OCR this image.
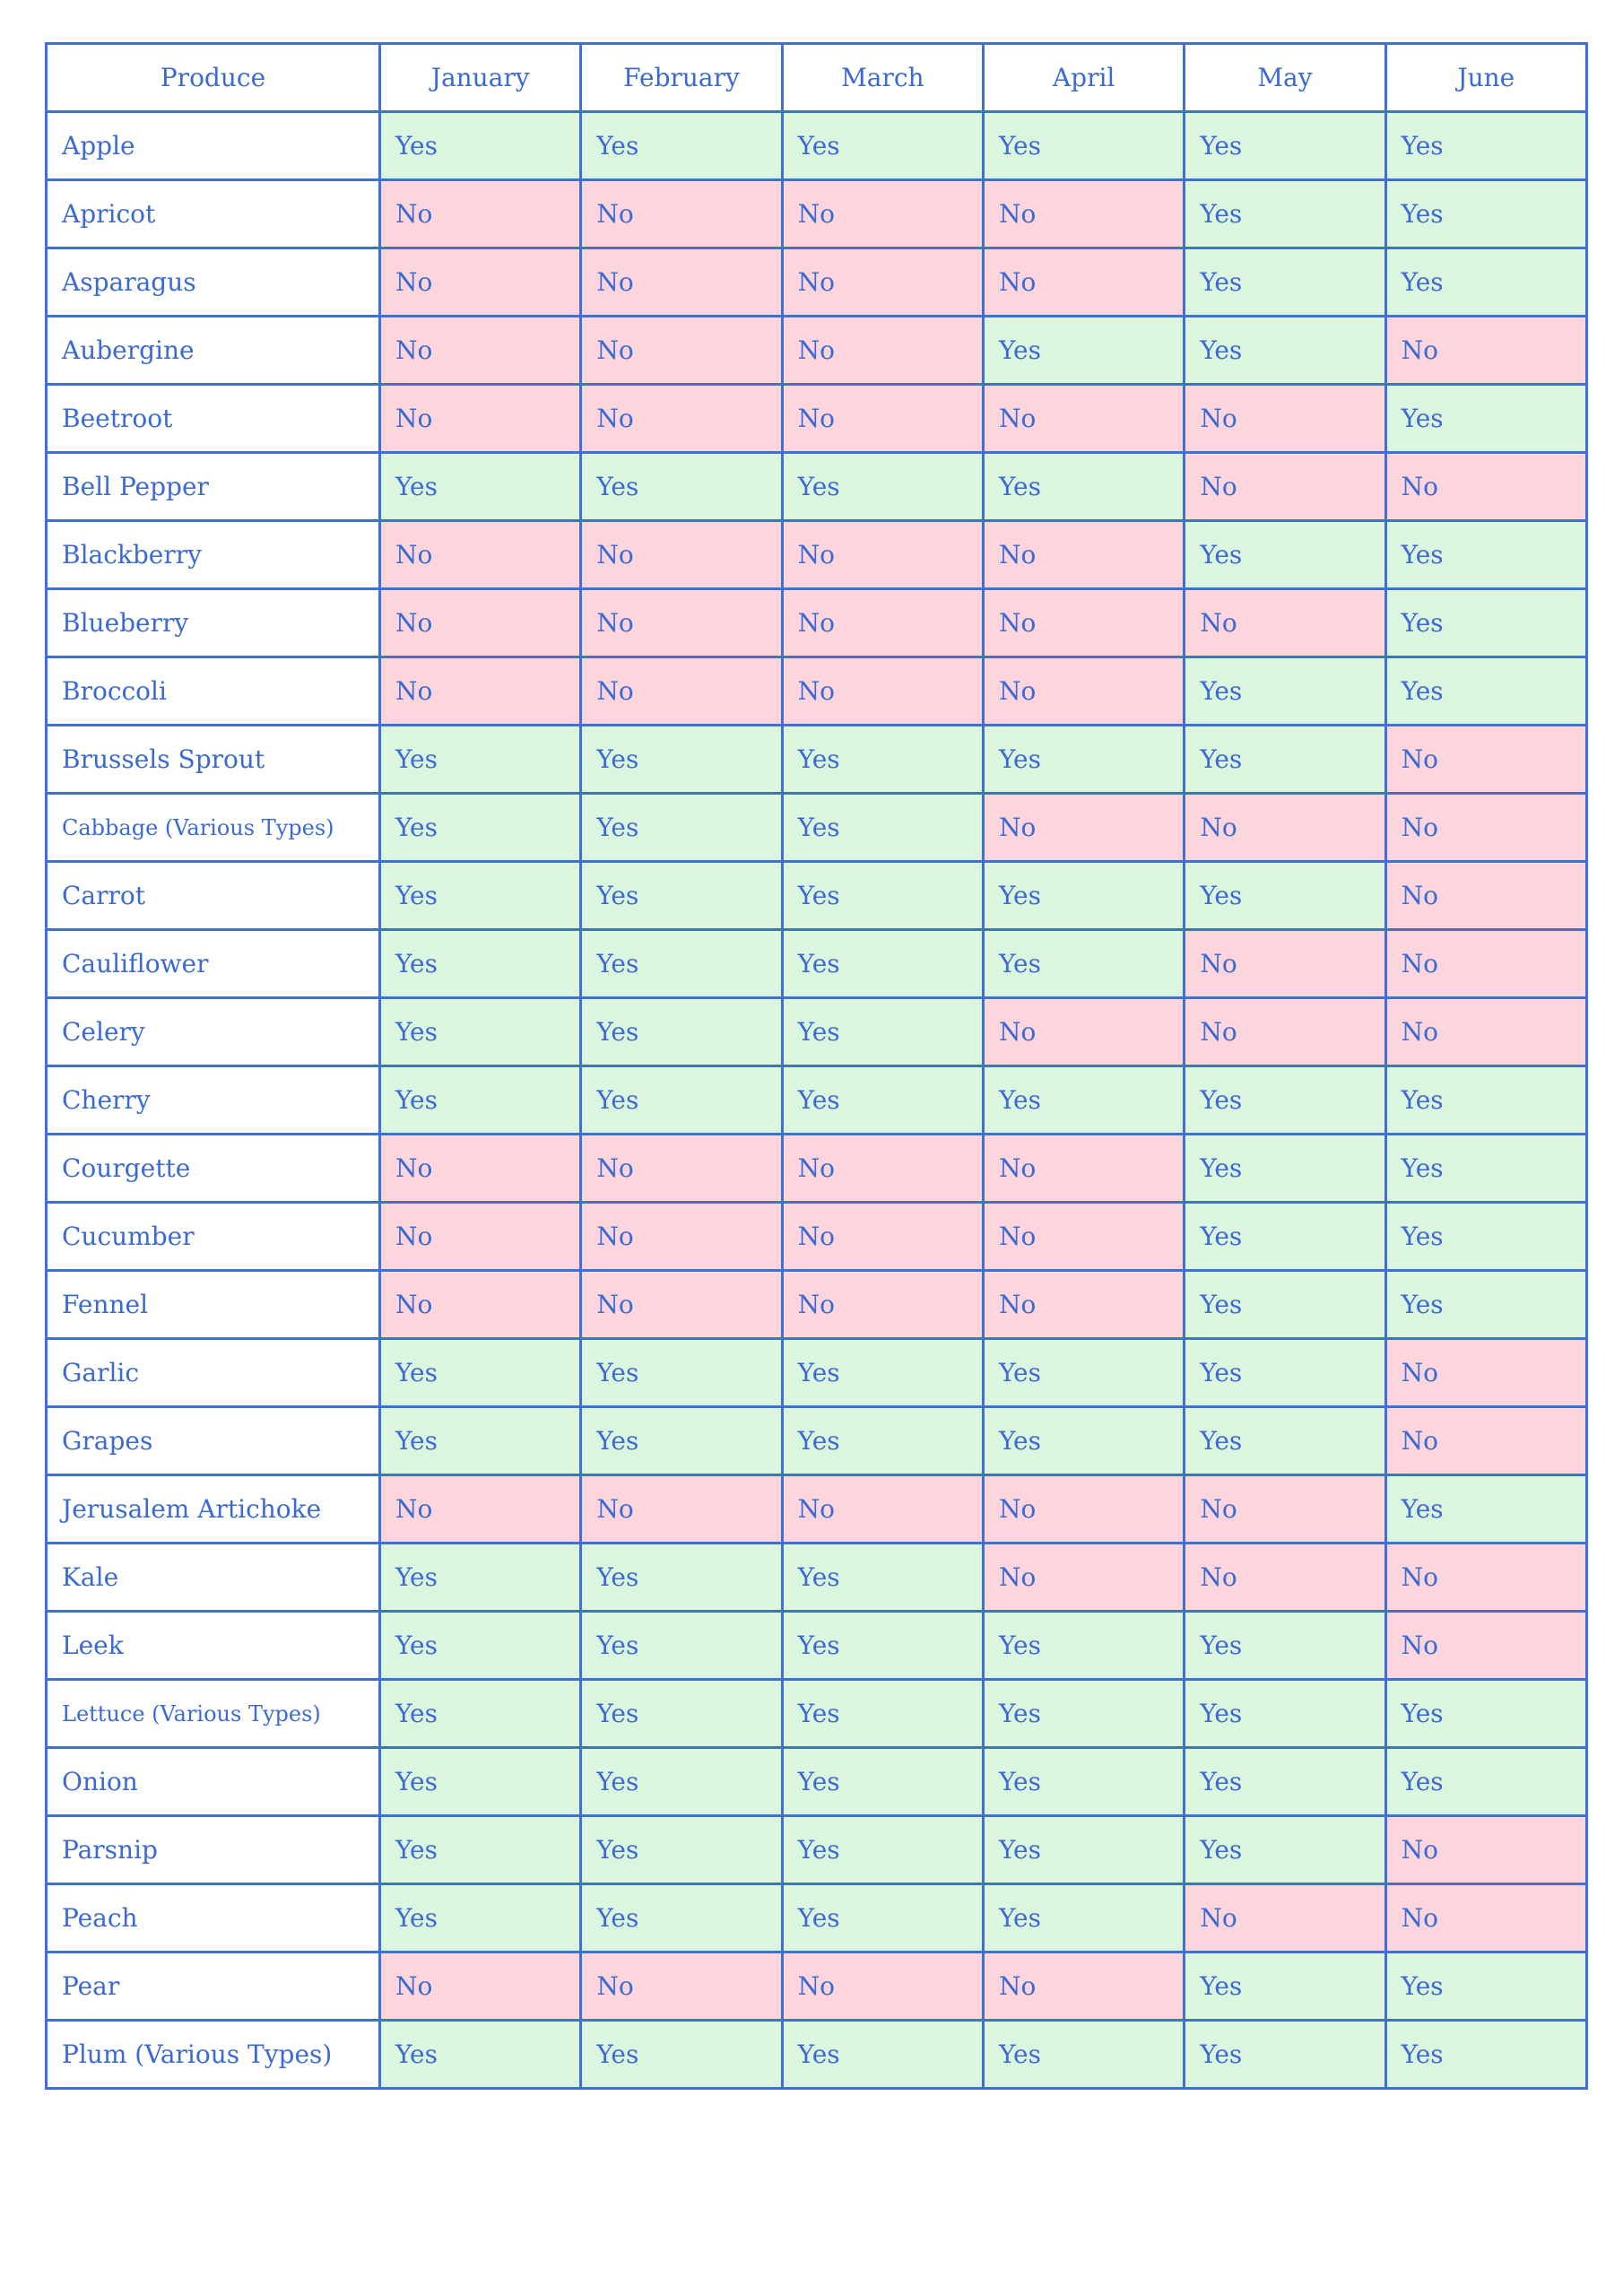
Produce	January	February	March	April	May	June
Apple	Yes	Yes	Yes	Yes	Yes	Yes
Apricot	No	No	No	No	Yes	Yes
Asparagus	No	No	No	No	Yes	Yes
Aubergine	No	No	No	Yes	Yes	No
Beetroot	No	No	No	No	No	Yes
Bell Pepper	Yes	Yes	Yes	Yes	No	No
Blackberry	No	No	No	No	Yes	Yes
Blueberry	No	No	No	No	No	Yes
Broccoli	No	No	No	No	Yes	Yes
Brussels Sprout	Yes	Yes	Yes	Yes	Yes	No
Cabbage (Various Types)	Yes	Yes	Yes	No	No	No
Carrot	Yes	Yes	Yes	Yes	Yes	No
Cauliflower	Yes	Yes	Yes	Yes	No	No
Celery	Yes	Yes	Yes	No	No	No
Cherry	Yes	Yes	Yes	Yes	Yes	Yes
Courgette	No	No	No	No	Yes	Yes
Cucumber	No	No	No	No	Yes	Yes
Fennel	No	No	No	No	Yes	Yes
Garlic	Yes	Yes	Yes	Yes	Yes	No
Grapes	Yes	Yes	Yes	Yes	Yes	No
Jerusalem Artichoke	No	No	No	No	No	Yes
Kale	Yes	Yes	Yes	No	No	No
Leek	Yes	Yes	Yes	Yes	Yes	No
Lettuce (Various Types)	Yes	Yes	Yes	Yes	Yes	Yes
Onion	Yes	Yes	Yes	Yes	Yes	Yes
Parsnip	Yes	Yes	Yes	Yes	Yes	No
Peach	Yes	Yes	Yes	Yes	No	No
Pear	No	No	No	No	Yes	Yes
Plum (Various Types)	Yes	Yes	Yes	Yes	Yes	Yes
